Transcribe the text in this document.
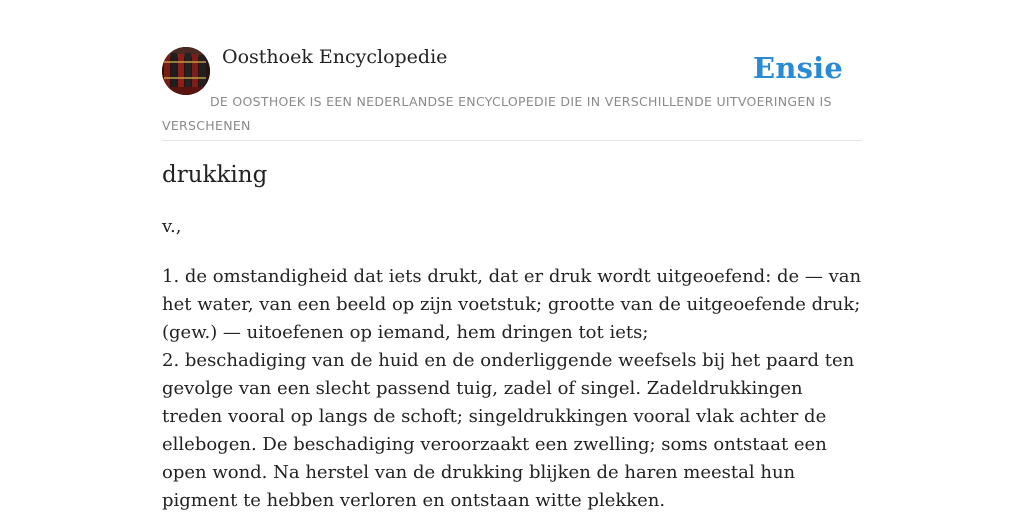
Oosthoek Encyclopedie	Ensie
DE OOSTHOEK IS EEN NEDERLANDSE ENCYCLOPEDIE DIE IN VERSCHILLENDE UITVOERINGEN IS VERSCHENEN
drukking
v.,
1. de omstandigheid dat iets drukt, dat er druk wordt uitgeoefend: de — van het water, van een beeld op zijn voetstuk; grootte van de uitgeoefende druk; (gew.) — uitoefenen op iemand, hem dringen tot iets;
2. beschadiging van de huid en de onderliggende weefsels bij het paard ten gevolge van een slecht passend tuig, zadel of singel. Zadeldrukkingen treden vooral op langs de schoft; singeldrukkingen vooral vlak achter de ellebogen. De beschadiging veroorzaakt een zwelling; soms ontstaat een open wond. Na herstel van de drukking blijken de haren meestal hun pigment te hebben verloren en ontstaan witte plekken.
